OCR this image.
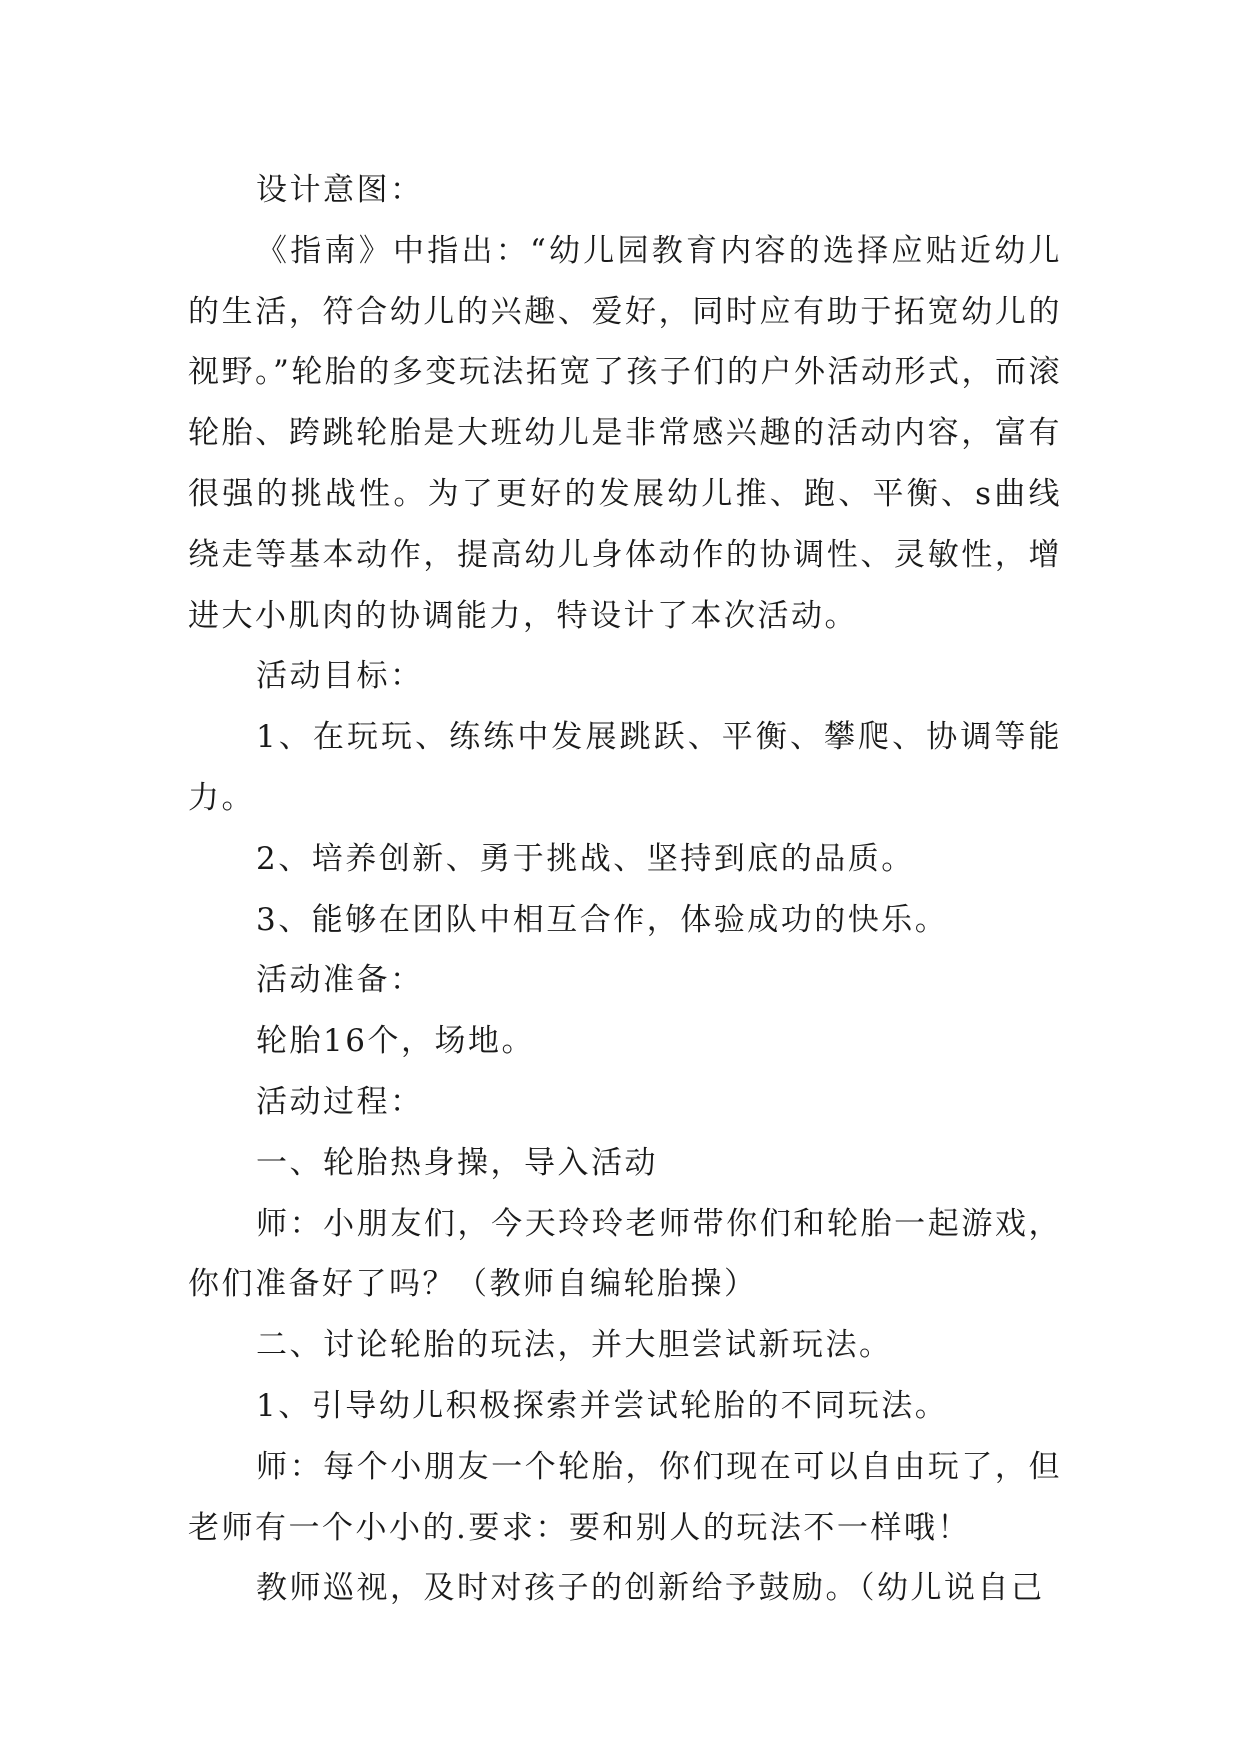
设计意图：

《指南》中指出：“幼儿园教育内容的选择应贴近幼儿的生活，符合幼儿的兴趣、爱好，同时应有助于拓宽幼儿的视野。”轮胎的多变玩法拓宽了孩子们的户外活动形式，而滚轮胎、跨跳轮胎是大班幼儿是非常感兴趣的活动内容，富有很强的挑战性。为了更好的发展幼儿推、跑、平衡、s曲线绕走等基本动作，提高幼儿身体动作的协调性、灵敏性，增进大小肌肉的协调能力，特设计了本次活动。

活动目标：

1、在玩玩、练练中发展跳跃、平衡、攀爬、协调等能力。

2、培养创新、勇于挑战、坚持到底的品质。

3、能够在团队中相互合作，体验成功的快乐。

活动准备：

轮胎16个，场地。

活动过程：

一、轮胎热身操，导入活动

师：小朋友们，今天玲玲老师带你们和轮胎一起游戏，你们准备好了吗？（教师自编轮胎操）

二、讨论轮胎的玩法，并大胆尝试新玩法。

1、引导幼儿积极探索并尝试轮胎的不同玩法。

师：每个小朋友一个轮胎，你们现在可以自由玩了，但老师有一个小小的.要求：要和别人的玩法不一样哦！

教师巡视，及时对孩子的创新给予鼓励。（幼儿说自己
